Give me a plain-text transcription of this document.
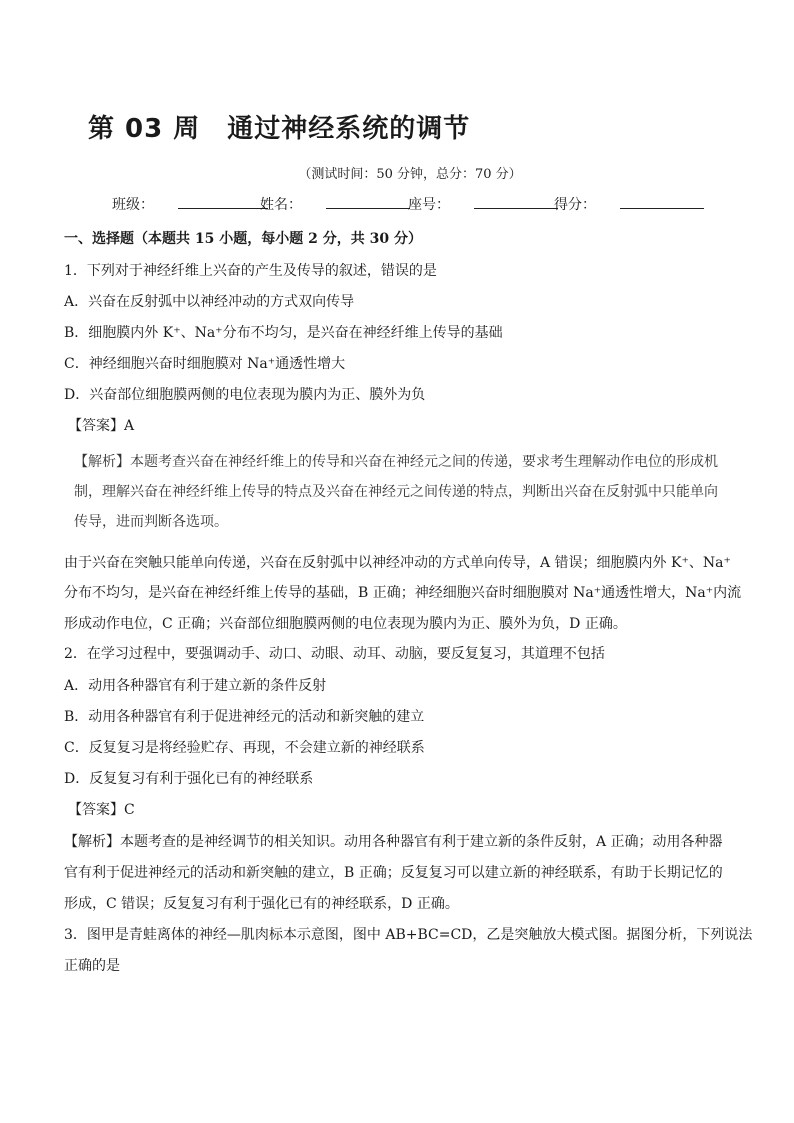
第 03 周　通过神经系统的调节
（测试时间：50 分钟，总分：70 分）
班级：	姓名：	座号：	得分：
一、选择题（本题共 15 小题，每小题 2 分，共 30 分）
1．下列对于神经纤维上兴奋的产生及传导的叙述，错误的是
A．兴奋在反射弧中以神经冲动的方式双向传导
B．细胞膜内外 K⁺、Na⁺分布不均匀，是兴奋在神经纤维上传导的基础
C．神经细胞兴奋时细胞膜对 Na⁺通透性增大
D．兴奋部位细胞膜两侧的电位表现为膜内为正、膜外为负
【答案】A
【解析】本题考查兴奋在神经纤维上的传导和兴奋在神经元之间的传递，要求考生理解动作电位的形成机
制，理解兴奋在神经纤维上传导的特点及兴奋在神经元之间传递的特点，判断出兴奋在反射弧中只能单向
传导，进而判断各选项。
由于兴奋在突触只能单向传递，兴奋在反射弧中以神经冲动的方式单向传导，A 错误；细胞膜内外 K⁺、Na⁺
分布不均匀，是兴奋在神经纤维上传导的基础，B 正确；神经细胞兴奋时细胞膜对 Na⁺通透性增大，Na⁺内流
形成动作电位，C 正确；兴奋部位细胞膜两侧的电位表现为膜内为正、膜外为负，D 正确。
2．在学习过程中，要强调动手、动口、动眼、动耳、动脑，要反复复习，其道理不包括
A．动用各种器官有利于建立新的条件反射
B．动用各种器官有利于促进神经元的活动和新突触的建立
C．反复复习是将经验贮存、再现，不会建立新的神经联系
D．反复复习有利于强化已有的神经联系
【答案】C
【解析】本题考查的是神经调节的相关知识。动用各种器官有利于建立新的条件反射，A 正确；动用各种器
官有利于促进神经元的活动和新突触的建立，B 正确；反复复习可以建立新的神经联系，有助于长期记忆的
形成，C 错误；反复复习有利于强化已有的神经联系，D 正确。
3．图甲是青蛙离体的神经—肌肉标本示意图，图中 AB+BC=CD，乙是突触放大模式图。据图分析，下列说法
正确的是
